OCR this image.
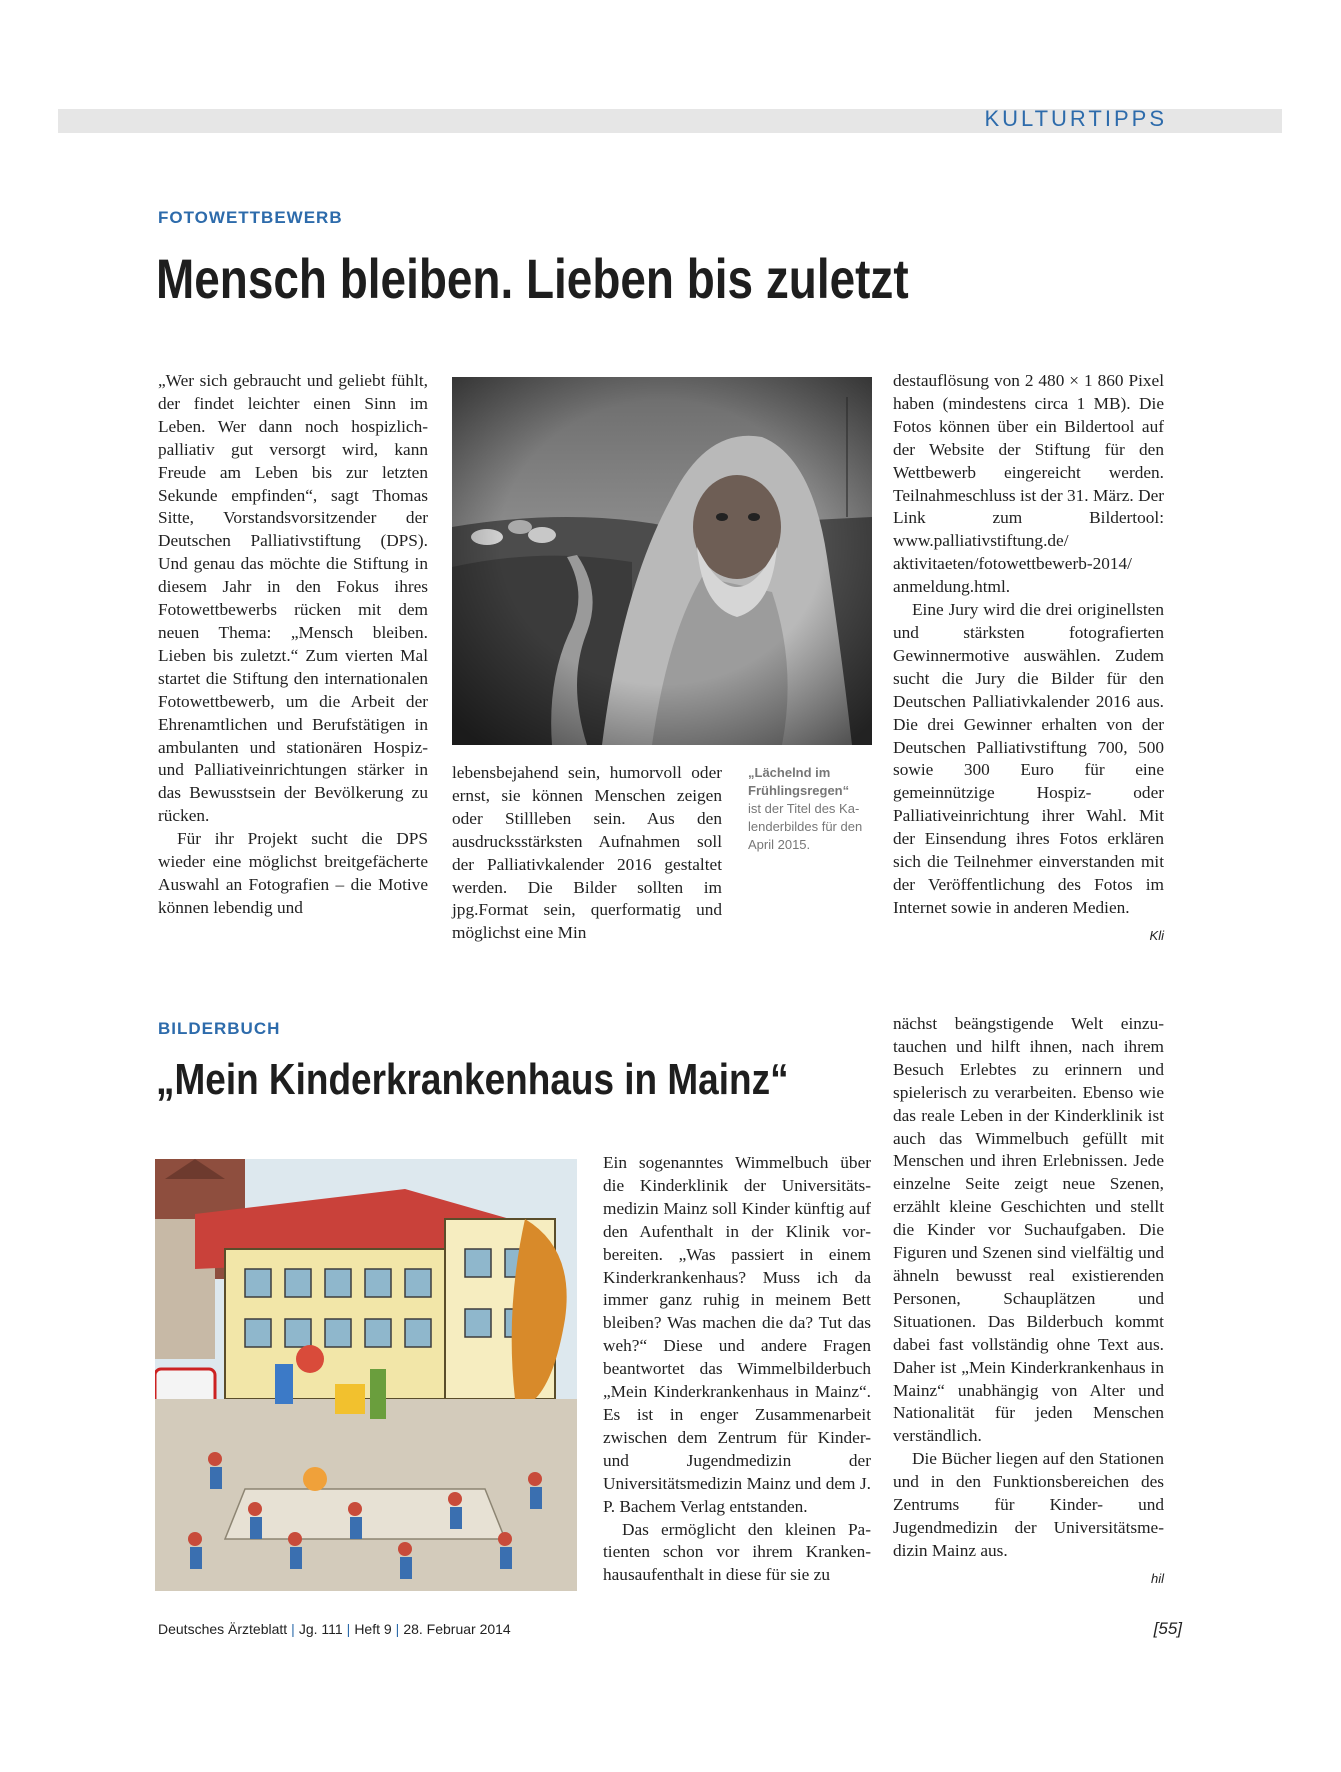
KULTURTIPPS
FOTOWETTBEWERB
Mensch bleiben. Lieben bis zuletzt

„Wer sich gebraucht und geliebt fühlt, der findet leichter einen Sinn im Leben. Wer dann noch hospizlich-palliativ gut versorgt wird, kann Freude am Leben bis zur letzten Sekunde empfinden“, sagt Thomas Sitte, Vorstandsvorsitzender der Deutschen Palliativstiftung (DPS). Und genau das möchte die Stiftung in diesem Jahr in den Fokus ihres Fotowettbewerbs rücken mit dem neuen Thema: „Mensch bleiben. Lieben bis zuletzt.“ Zum vierten Mal startet die Stiftung den internationalen Fotowettbewerb, um die Arbeit der Ehrenamtlichen und Berufstätigen in ambulanten und stationären Hospiz- und Palliativeinrichtungen stärker in das Bewusstsein der Bevölkerung zu rücken.

Für ihr Projekt sucht die DPS wieder eine möglichst breitgefächerte Auswahl an Fotografien – die Motive können lebendig und

lebensbejahend sein, humorvoll oder ernst, sie können Menschen zeigen oder Stillleben sein. Aus den ausdrucksstärksten Aufnahmen soll der Palliativkalender 2016 gestaltet werden. Die Bilder sollten im jpg.Format sein, querformatig und möglichst eine Min

„Lächelnd im Frühlingsregen“
ist der Titel des Kalenderbildes für den April 2015.

destauflösung von 2 480 × 1 860 Pixel haben (mindestens circa 1 MB). Die Fotos können über ein Bildertool auf der Website der Stiftung für den Wettbewerb eingereicht werden. Teilnahmeschluss ist der 31. März. Der Link zum Bildertool: www.palliativstiftung.de/ aktivitaeten/fotowettbewerb-2014/ anmeldung.html.

Eine Jury wird die drei originellsten und stärksten fotografierten Gewinnermotive auswählen. Zudem sucht die Jury die Bilder für den Deutschen Palliativkalender 2016 aus. Die drei Gewinner erhalten von der Deutschen Palliativstiftung 700, 500 sowie 300 Euro für eine gemeinnützige Hospiz- oder Palliativeinrichtung ihrer Wahl. Mit der Einsendung ihres Fotos erklären sich die Teilnehmer einverstanden mit der Veröffentlichung des Fotos im Internet sowie in anderen Medien.

Kli
BILDERBUCH
„Mein Kinderkrankenhaus in Mainz“

Ein sogenanntes Wimmelbuch über die Kinderklinik der Universitätsmedizin Mainz soll Kinder künftig auf den Aufenthalt in der Klinik vorbereiten. „Was passiert in einem Kinderkrankenhaus? Muss ich da immer ganz ruhig in meinem Bett bleiben? Was machen die da? Tut das weh?“ Diese und andere Fragen beantwortet das Wimmelbilderbuch „Mein Kinderkrankenhaus in Mainz“. Es ist in enger Zusammenarbeit zwischen dem Zentrum für Kinder- und Jugendmedizin der Universitätsmedizin Mainz und dem J. P. Bachem Verlag entstanden.

Das ermöglicht den kleinen Patienten schon vor ihrem Krankenhausaufenthalt in diese für sie zu

nächst beängstigende Welt einzutauchen und hilft ihnen, nach ihrem Besuch Erlebtes zu erinnern und spielerisch zu verarbeiten. Ebenso wie das reale Leben in der Kinderklinik ist auch das Wimmelbuch gefüllt mit Menschen und ihren Erlebnissen. Jede einzelne Seite zeigt neue Szenen, erzählt kleine Geschichten und stellt die Kinder vor Suchaufgaben. Die Figuren und Szenen sind vielfältig und ähneln bewusst real existierenden Personen, Schauplätzen und Situationen. Das Bilderbuch kommt dabei fast vollständig ohne Text aus. Daher ist „Mein Kinderkrankenhaus in Mainz“ unabhängig von Alter und Nationalität für jeden Menschen verständlich.

Die Bücher liegen auf den Stationen und in den Funktionsbereichen des Zentrums für Kinder- und Jugendmedizin der Universitätsmedizin Mainz aus.

hil
Deutsches Ärzteblatt | Jg. 111 | Heft 9 | 28. Februar 2014	[55]
